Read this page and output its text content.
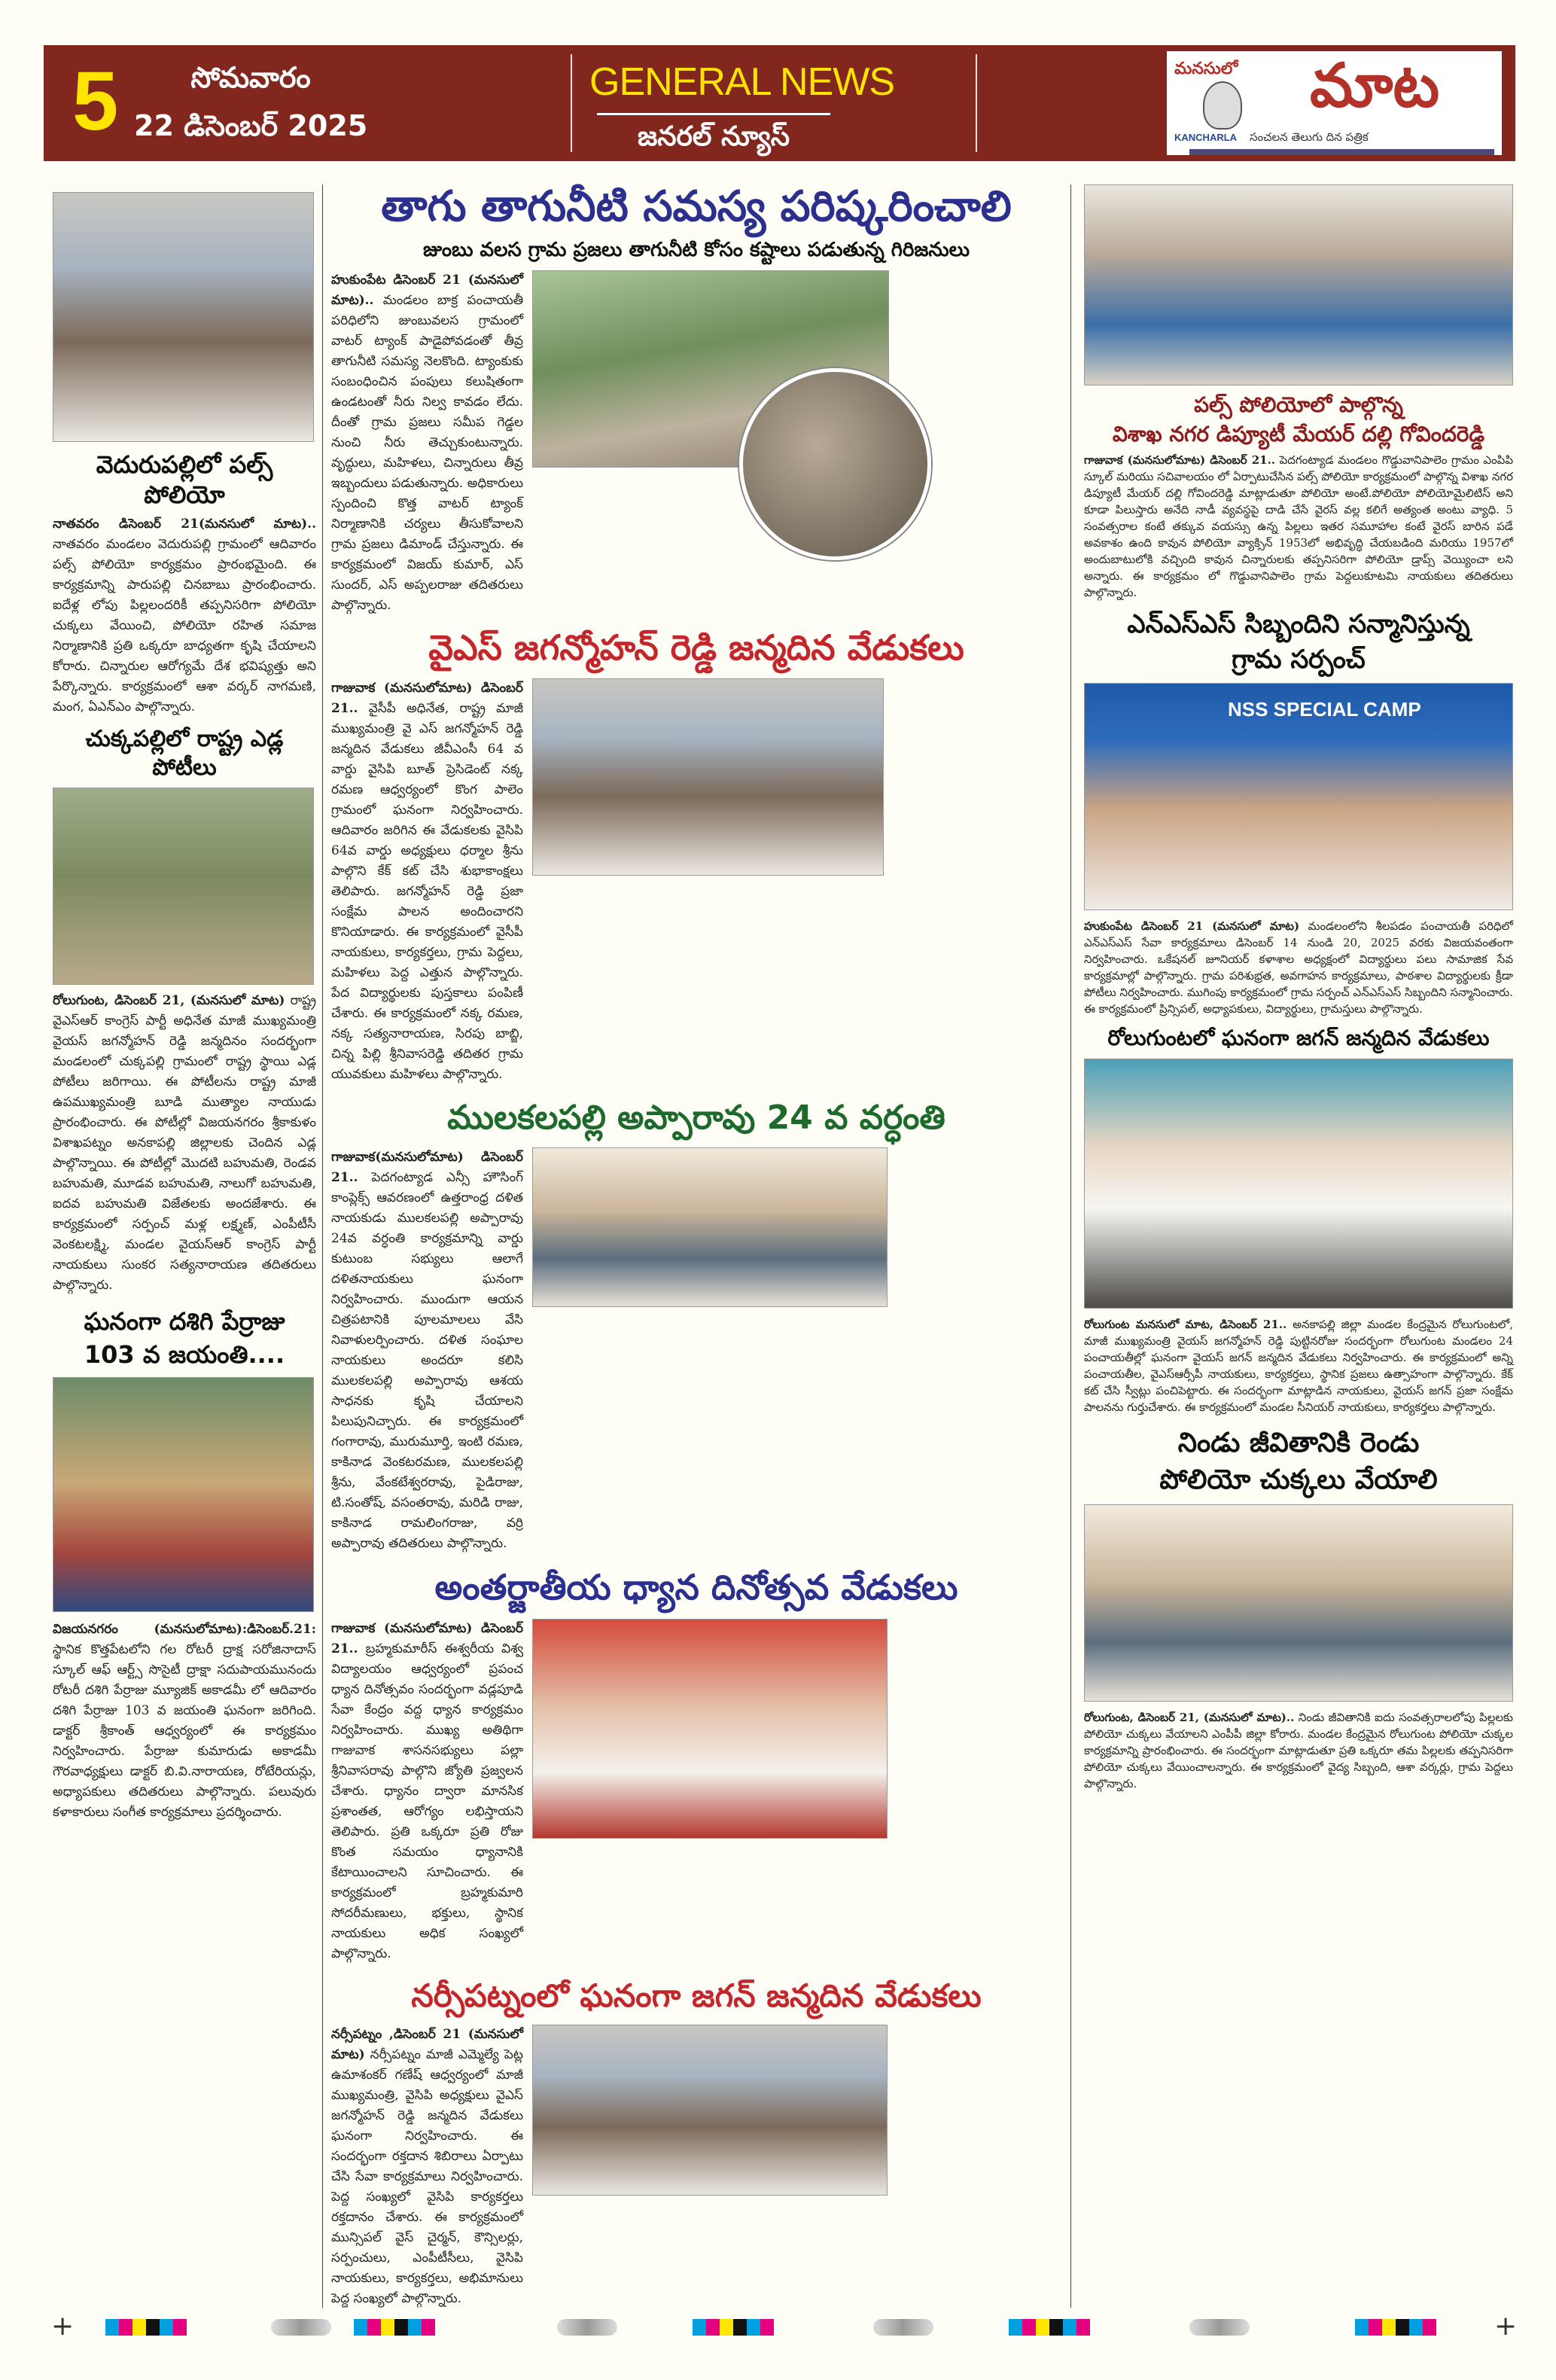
5	సోమవారం
22 డిసెంబర్ 2025
GENERAL NEWS
జనరల్ న్యూస్
మనసులో మాట
KANCHARLA సంచలన తెలుగు దిన పత్రిక
వెదురుపల్లిలో పల్స్ పోలియో
నాతవరం డిసెంబర్ 21(మనసులో మాట).. నాతవరం మండలం వెదురుపల్లి గ్రామంలో ఆదివారం పల్స్ పోలియో కార్యక్రమం ప్రారంభమైంది. ఈ కార్యక్రమాన్ని పారుపల్లి చినబాబు ప్రారంభించారు. ఐదేళ్ల లోపు పిల్లలందరికీ తప్పనిసరిగా పోలియో చుక్కలు వేయించి, పోలియో రహిత సమాజ నిర్మాణానికి ప్రతి ఒక్కరూ బాధ్యతగా కృషి చేయాలని కోరారు. చిన్నారుల ఆరోగ్యమే దేశ భవిష్యత్తు అని పేర్కొన్నారు. కార్యక్రమంలో ఆశా వర్కర్ నాగమణి, మంగ, ఏఎన్ఎం పాల్గొన్నారు.
చుక్కపల్లిలో రాష్ట్ర ఎడ్ల పోటీలు
రోలుగుంట, డిసెంబర్ 21, (మనసులో మాట) రాష్ట్ర వైఎస్ఆర్ కాంగ్రెస్ పార్టీ అధినేత మాజీ ముఖ్యమంత్రి వైయస్ జగన్మోహన్ రెడ్డి జన్మదినం సందర్భంగా మండలంలో చుక్కపల్లి గ్రామంలో రాష్ట్ర స్థాయి ఎడ్ల పోటీలు జరిగాయి. ఈ పోటీలను రాష్ట్ర మాజీ ఉపముఖ్యమంత్రి బూడి ముత్యాల నాయుడు ప్రారంభించారు. ఈ పోటీల్లో విజయనగరం శ్రీకాకుళం విశాఖపట్నం అనకాపల్లి జిల్లాలకు చెందిన ఎడ్ల పాల్గొన్నాయి. ఈ పోటీల్లో మొదటి బహుమతి, రెండవ బహుమతి, మూడవ బహుమతి, నాలుగో బహుమతి, ఐదవ బహుమతి విజేతలకు అందజేశారు. ఈ కార్యక్రమంలో సర్పంచ్ మళ్ల లక్ష్మణ్, ఎంపీటీసీ వెంకటలక్ష్మి, మండల వైయస్ఆర్ కాంగ్రెస్ పార్టీ నాయకులు సుంకర సత్యనారాయణ తదితరులు పాల్గొన్నారు.
ఘనంగా దశిగి పేర్రాజు
103 వ జయంతి....
విజయనగరం (మనసులోమాట):డిసెంబర్.21: స్థానిక కొత్తపేటలోని గల రోటరీ ద్రాక్ష సరోజినాదాస్ స్కూల్ ఆఫ్ ఆర్ట్స్ సొసైటీ ద్రాక్షా సదుపాయమునందు రోటరీ దశిగి పేర్రాజు మ్యూజిక్ అకాడమీ లో ఆదివారం దశిగి పేర్రాజు 103 వ జయంతి ఘనంగా జరిగింది. డాక్టర్ శ్రీకాంత్ ఆధ్వర్యంలో ఈ కార్యక్రమం నిర్వహించారు. పేర్రాజు కుమారుడు అకాడమీ గౌరవాధ్యక్షులు డాక్టర్ బి.వి.నారాయణ, రోటేరియన్లు, అధ్యాపకులు తదితరులు పాల్గొన్నారు. పలువురు కళాకారులు సంగీత కార్యక్రమాలు ప్రదర్శించారు.
తాగు తాగునీటి సమస్య పరిష్కరించాలి
జుంబు వలస గ్రామ ప్రజలు తాగునీటి కోసం కష్టాలు పడుతున్న గిరిజనులు
హుకుంపేట డిసెంబర్ 21 (మనసులో మాట).. మండలం బాక్ర పంచాయతీ పరిధిలోని జుంబువలస గ్రామంలో వాటర్ ట్యాంక్ పాడైపోవడంతో తీవ్ర తాగునీటి సమస్య నెలకొంది. ట్యాంకుకు సంబంధించిన పంపులు కలుషితంగా ఉండటంతో నీరు నిల్వ కావడం లేదు. దీంతో గ్రామ ప్రజలు సమీప గెడ్డల నుంచి నీరు తెచ్చుకుంటున్నారు. వృద్ధులు, మహిళలు, చిన్నారులు తీవ్ర ఇబ్బందులు పడుతున్నారు. అధికారులు స్పందించి కొత్త వాటర్ ట్యాంక్ నిర్మాణానికి చర్యలు తీసుకోవాలని గ్రామ ప్రజలు డిమాండ్ చేస్తున్నారు. ఈ కార్యక్రమంలో విజయ్ కుమార్, ఎస్ సుందర్, ఎస్ అప్పలరాజు తదితరులు పాల్గొన్నారు.
వైఎస్ జగన్మోహన్ రెడ్డి జన్మదిన వేడుకలు
గాజువాక (మనసులోమాట) డిసెంబర్ 21.. వైసీపీ అధినేత, రాష్ట్ర మాజీ ముఖ్యమంత్రి వై ఎస్ జగన్మోహన్ రెడ్డి జన్మదిన వేడుకలు జీవీఎంసీ 64 వ వార్డు వైసిపి బూత్ ప్రెసిడెంట్ నక్క రమణ ఆధ్వర్యంలో కొంగ పాలెం గ్రామంలో ఘనంగా నిర్వహించారు. ఆదివారం జరిగిన ఈ వేడుకలకు వైసిపి 64వ వార్డు అధ్యక్షులు ధర్మాల శ్రీను పాల్గొని కేక్ కట్ చేసి శుభాకాంక్షలు తెలిపారు. జగన్మోహన్ రెడ్డి ప్రజా సంక్షేమ పాలన అందించారని కొనియాడారు. ఈ కార్యక్రమంలో వైసీపీ నాయకులు, కార్యకర్తలు, గ్రామ పెద్దలు, మహిళలు పెద్ద ఎత్తున పాల్గొన్నారు. పేద విద్యార్థులకు పుస్తకాలు పంపిణీ చేశారు. ఈ కార్యక్రమంలో నక్క రమణ, నక్క సత్యనారాయణ, సిరపు బాబ్జి, చిన్న పిల్లి శ్రీనివాసరెడ్డి తదితర గ్రామ యువకులు మహిళలు పాల్గొన్నారు.
ములకలపల్లి అప్పారావు 24 వ వర్ధంతి
గాజువాక(మనసులోమాట) డిసెంబర్ 21.. పెదగంట్యాడ ఎన్సీ హౌసింగ్ కాంప్లెక్స్ ఆవరణంలో ఉత్తరాంధ్ర దళిత నాయకుడు ములకలపల్లి అప్పారావు 24వ వర్ధంతి కార్యక్రమాన్ని వార్డు కుటుంబ సభ్యులు ఆలాగే దళితనాయకులు ఘనంగా నిర్వహించారు. ముందుగా ఆయన చిత్రపటానికి పూలమాలలు వేసి నివాళులర్పించారు. దళిత సంఘాల నాయకులు అందరూ కలిసి ములకలపల్లి అప్పారావు ఆశయ సాధనకు కృషి చేయాలని పిలుపునిచ్చారు. ఈ కార్యక్రమంలో గంగారావు, మురుమూర్తి, ఇంటి రమణ, కాకినాడ వెంకటరమణ, ములకలపల్లి శ్రీను, వేంకటేశ్వరరావు, పైడిరాజు, టి.సంతోష్, వసంతరావు, మరిడి రాజు, కాకినాడ రామలింగరాజు, వర్రి అప్పారావు తదితరులు పాల్గొన్నారు.
అంతర్జాతీయ ధ్యాన దినోత్సవ వేడుకలు
గాజువాక (మనసులోమాట) డిసెంబర్ 21.. బ్రహ్మకుమారీస్ ఈశ్వరీయ విశ్వ విద్యాలయం ఆధ్వర్యంలో ప్రపంచ ధ్యాన దినోత్సవం సందర్భంగా వడ్లపూడి సేవా కేంద్రం వద్ద ధ్యాన కార్యక్రమం నిర్వహించారు. ముఖ్య అతిథిగా గాజువాక శాసనసభ్యులు పల్లా శ్రీనివాసరావు పాల్గొని జ్యోతి ప్రజ్వలన చేశారు. ధ్యానం ద్వారా మానసిక ప్రశాంతత, ఆరోగ్యం లభిస్తాయని తెలిపారు. ప్రతి ఒక్కరూ ప్రతి రోజు కొంత సమయం ధ్యానానికి కేటాయించాలని సూచించారు. ఈ కార్యక్రమంలో బ్రహ్మకుమారి సోదరీమణులు, భక్తులు, స్థానిక నాయకులు అధిక సంఖ్యలో పాల్గొన్నారు.
నర్సీపట్నంలో ఘనంగా జగన్ జన్మదిన వేడుకలు
నర్సీపట్నం ,డిసెంబర్ 21 (మనసులో మాట) నర్సీపట్నం మాజీ ఎమ్మెల్యే పెట్ల ఉమాశంకర్ గణేష్ ఆధ్వర్యంలో మాజీ ముఖ్యమంత్రి, వైసిపి అధ్యక్షులు వైఎస్ జగన్మోహన్ రెడ్డి జన్మదిన వేడుకలు ఘనంగా నిర్వహించారు. ఈ సందర్భంగా రక్తదాన శిబిరాలు ఏర్పాటు చేసి సేవా కార్యక్రమాలు నిర్వహించారు. పెద్ద సంఖ్యలో వైసిపి కార్యకర్తలు రక్తదానం చేశారు. ఈ కార్యక్రమంలో మున్సిపల్ వైస్ చైర్మన్, కౌన్సిలర్లు, సర్పంచులు, ఎంపీటీసీలు, వైసిపి నాయకులు, కార్యకర్తలు, అభిమానులు పెద్ద సంఖ్యలో పాల్గొన్నారు.
పల్స్ పోలియోలో పాల్గొన్న
విశాఖ నగర డిప్యూటీ మేయర్ దల్లి గోవిందరెడ్డి
గాజువాక (మనసులోమాట) డిసెంబర్ 21.. పెదగంట్యాడ మండలం గొడ్డువానిపాలెం గ్రామం ఎంపిపి స్కూల్ మరియు సచివాలయం లో ఏర్పాటుచేసిన పల్స్ పోలియో కార్యక్రమంలో పాల్గొన్న విశాఖ నగర డిప్యూటీ మేయర్ దల్లి గోవిందరెడ్డి మాట్లాడుతూ పోలియో అంటే.పోలియో పోలియోమైలిటిస్ అని కూడా పిలుస్తారు అనేది నాడీ వ్యవస్థపై దాడి చేసే వైరస్ వల్ల కలిగే అత్యంత అంటు వ్యాధి. 5 సంవత్సరాల కంటే తక్కువ వయస్సు ఉన్న పిల్లలు ఇతర సమూహాల కంటే వైరస్ బారిన పడే అవకాశం ఉంది కావున పోలియో వ్యాక్సిన్ 1953లో అభివృద్ధి చేయబడింది మరియు 1957లో అందుబాటులోకి వచ్చింది కావున చిన్నారులకు తప్పనిసరిగా పోలియో డ్రాప్స్ వెయ్యించా లని అన్నారు. ఈ కార్యక్రమం లో గొడ్డువానిపాలెం గ్రామ పెద్దలుకూటమి నాయకులు తదితరులు పాల్గొన్నారు.
ఎన్ఎస్ఎస్ సిబ్బందిని సన్మానిస్తున్న
గ్రామ సర్పంచ్
NSS SPECIAL CAMP
హుకుంపేట డిసెంబర్ 21 (మనసులో మాట) మండలంలోని శీలపడం పంచాయతీ పరిధిలో ఎన్ఎస్ఎస్ సేవా కార్యక్రమాలు డిసెంబర్ 14 నుండి 20, 2025 వరకు విజయవంతంగా నిర్వహించారు. ఒకేషనల్ జూనియర్ కళాశాల అధ్యక్షంలో విద్యార్థులు పలు సామాజిక సేవ కార్యక్రమాల్లో పాల్గొన్నారు. గ్రామ పరిశుభ్రత, అవగాహన కార్యక్రమాలు, పాఠశాల విద్యార్థులకు క్రీడా పోటీలు నిర్వహించారు. ముగింపు కార్యక్రమంలో గ్రామ సర్పంచ్ ఎన్ఎస్ఎస్ సిబ్బందిని సన్మానించారు. ఈ కార్యక్రమంలో ప్రిన్సిపల్, అధ్యాపకులు, విద్యార్థులు, గ్రామస్తులు పాల్గొన్నారు.
రోలుగుంటలో ఘనంగా జగన్ జన్మదిన వేడుకలు
రోలుగుంట మనసులో మాట, డిసెంబర్ 21.. అనకాపల్లి జిల్లా మండల కేంద్రమైన రోలుగుంటలో, మాజీ ముఖ్యమంత్రి వైయస్ జగన్మోహన్ రెడ్డి పుట్టినరోజు సందర్భంగా రోలుగుంట మండలం 24 పంచాయతీల్లో ఘనంగా వైయస్ జగన్ జన్మదిన వేడుకలు నిర్వహించారు. ఈ కార్యక్రమంలో అన్ని పంచాయతీల, వైఎస్ఆర్సీపీ నాయకులు, కార్యకర్తలు, స్థానిక ప్రజలు ఉత్సాహంగా పాల్గొన్నారు. కేక్ కట్ చేసి స్వీట్లు పంచిపెట్టారు. ఈ సందర్భంగా మాట్లాడిన నాయకులు, వైయస్ జగన్ ప్రజా సంక్షేమ పాలనను గుర్తుచేశారు. ఈ కార్యక్రమంలో మండల సీనియర్ నాయకులు, కార్యకర్తలు పాల్గొన్నారు.
నిండు జీవితానికి రెండు
పోలియో చుక్కలు వేయాలి
రోలుగుంట, డిసెంబర్ 21, (మనసులో మాట).. నిండు జీవితానికి ఐదు సంవత్సరాలలోపు పిల్లలకు పోలియో చుక్కలు వేయాలని ఎంపీపీ జిల్లా కోరారు. మండల కేంద్రమైన రోలుగుంట పోలియో చుక్కల కార్యక్రమాన్ని ప్రారంభించారు. ఈ సందర్భంగా మాట్లాడుతూ ప్రతి ఒక్కరూ తమ పిల్లలకు తప్పనిసరిగా పోలియో చుక్కలు వేయించాలన్నారు. ఈ కార్యక్రమంలో వైద్య సిబ్బంది, ఆశా వర్కర్లు, గ్రామ పెద్దలు పాల్గొన్నారు.
+	+
